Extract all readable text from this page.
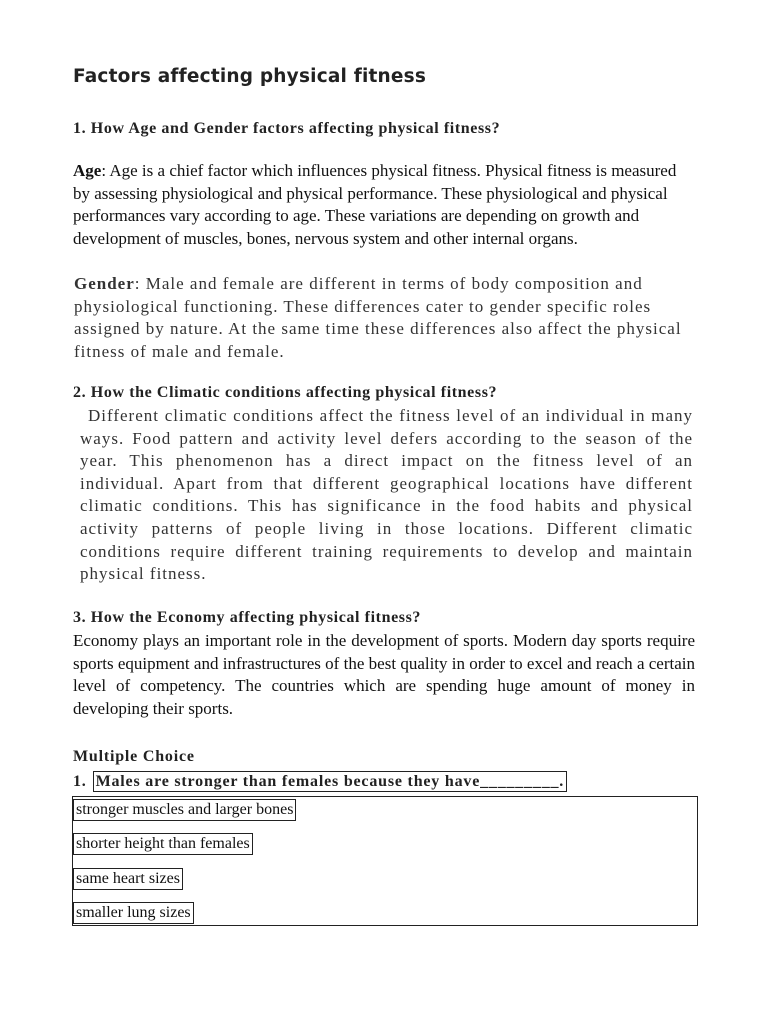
Factors affecting physical fitness
1. How Age and Gender factors affecting physical fitness?
Age: Age is a chief factor which influences physical fitness. Physical fitness is measured by assessing physiological and physical performance. These physiological and physical performances vary according to age. These variations are depending on growth and development of muscles, bones, nervous system and other internal organs.
Gender: Male and female are different in terms of body composition and physiological functioning. These differences cater to gender specific roles assigned by nature. At the same time these differences also affect the physical fitness of male and female.
2. How the Climatic conditions affecting physical fitness?
Different climatic conditions affect the fitness level of an individual in many ways. Food pattern and activity level defers according to the season of the year. This phenomenon has a direct impact on the fitness level of an individual. Apart from that different geographical locations have different climatic conditions. This has significance in the food habits and physical activity patterns of people living in those locations. Different climatic conditions require different training requirements to develop and maintain physical fitness.
3. How the Economy affecting physical fitness?
Economy plays an important role in the development of sports. Modern day sports require sports equipment and infrastructures of the best quality in order to excel and reach a certain level of competency. The countries which are spending huge amount of money in developing their sports.
Multiple Choice
1. Males are stronger than females because they have_________.
stronger muscles and larger bones
shorter height than females
same heart sizes
smaller lung sizes
